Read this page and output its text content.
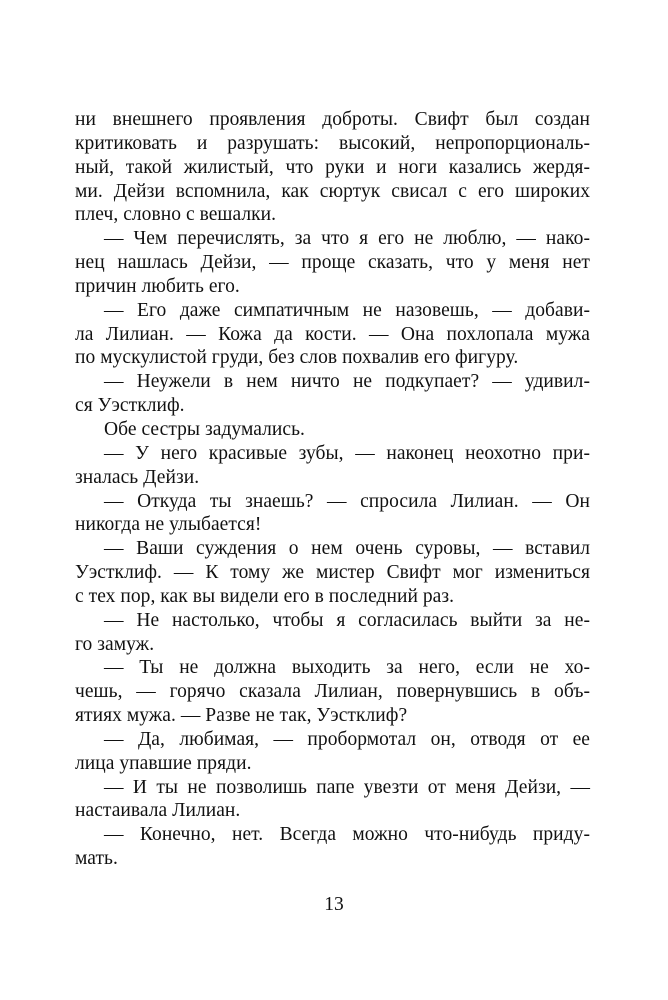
ни внешнего проявления доброты. Свифт был создан
критиковать и разрушать: высокий, непропорциональ-
ный, такой жилистый, что руки и ноги казались жердя-
ми. Дейзи вспомнила, как сюртук свисал с его широких
плеч, словно с вешалки.
— Чем перечислять, за что я его не люблю, — нако-
нец нашлась Дейзи, — проще сказать, что у меня нет
причин любить его.
— Его даже симпатичным не назовешь, — добави-
ла Лилиан. — Кожа да кости. — Она похлопала мужа
по мускулистой груди, без слов похвалив его фигуру.
— Неужели в нем ничто не подкупает? — удивил-
ся Уэстклиф.
Обе сестры задумались.
— У него красивые зубы, — наконец неохотно при-
зналась Дейзи.
— Откуда ты знаешь? — спросила Лилиан. — Он
никогда не улыбается!
— Ваши суждения о нем очень суровы, — вставил
Уэстклиф. — К тому же мистер Свифт мог измениться
с тех пор, как вы видели его в последний раз.
— Не настолько, чтобы я согласилась выйти за не-
го замуж.
— Ты не должна выходить за него, если не хо-
чешь, — горячо сказала Лилиан, повернувшись в объ-
ятиях мужа. — Разве не так, Уэстклиф?
— Да, любимая, — пробормотал он, отводя от ее
лица упавшие пряди.
— И ты не позволишь папе увезти от меня Дейзи, —
настаивала Лилиан.
— Конечно, нет. Всегда можно что-нибудь приду-
мать.
13
